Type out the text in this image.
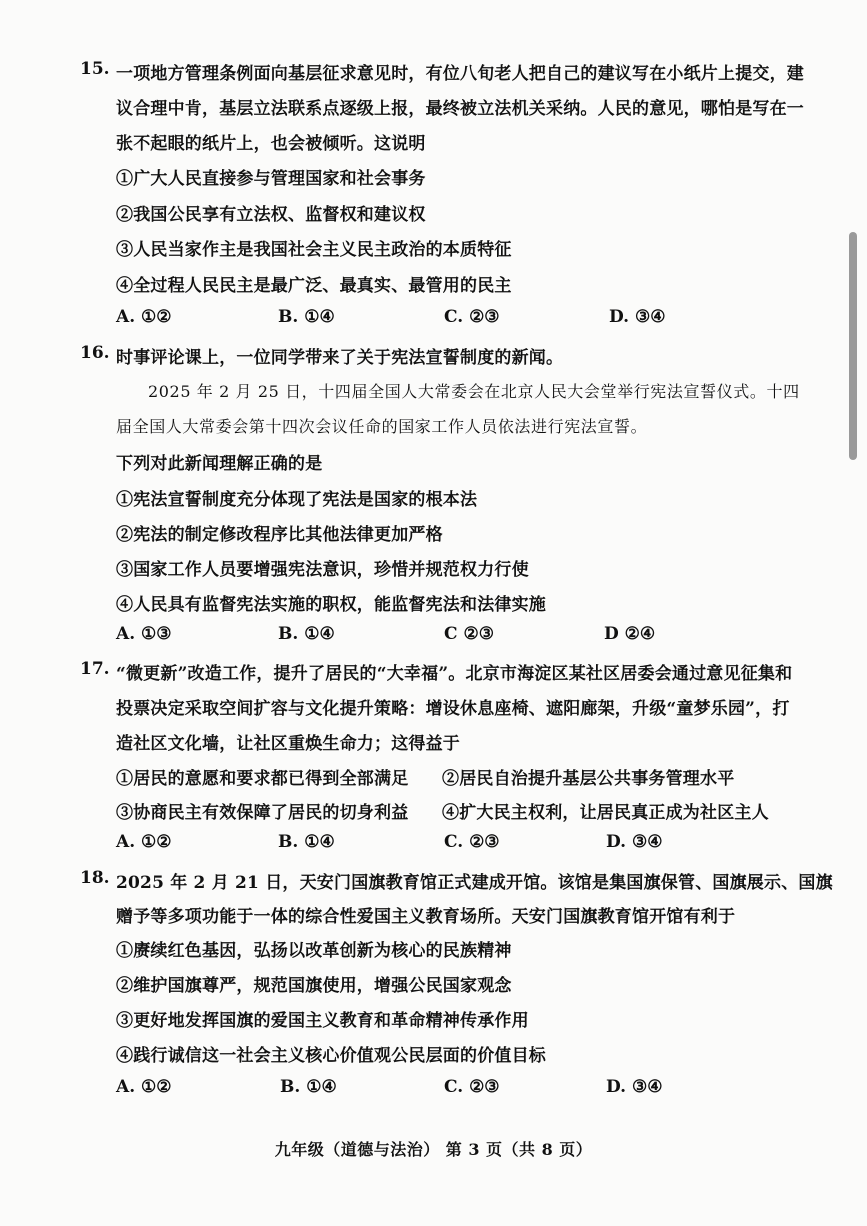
15. 一项地方管理条例面向基层征求意见时，有位八旬老人把自己的建议写在小纸片上提交，建
议合理中肯，基层立法联系点逐级上报，最终被立法机关采纳。人民的意见，哪怕是写在一
张不起眼的纸片上，也会被倾听。这说明
①广大人民直接参与管理国家和社会事务
②我国公民享有立法权、监督权和建议权
③人民当家作主是我国社会主义民主政治的本质特征
④全过程人民民主是最广泛、最真实、最管用的民主
A. ①②	B. ①④	C. ②③	D. ③④
16. 时事评论课上，一位同学带来了关于宪法宣誓制度的新闻。
2025 年 2 月 25 日，十四届全国人大常委会在北京人民大会堂举行宪法宣誓仪式。十四
届全国人大常委会第十四次会议任命的国家工作人员依法进行宪法宣誓。
下列对此新闻理解正确的是
①宪法宣誓制度充分体现了宪法是国家的根本法
②宪法的制定修改程序比其他法律更加严格
③国家工作人员要增强宪法意识，珍惜并规范权力行使
④人民具有监督宪法实施的职权，能监督宪法和法律实施
A. ①③	B. ①④	C ②③	D ②④
17. “微更新”改造工作，提升了居民的“大幸福”。北京市海淀区某社区居委会通过意见征集和
投票决定采取空间扩容与文化提升策略：增设休息座椅、遮阳廊架，升级“童梦乐园”，打
造社区文化墙，让社区重焕生命力；这得益于
①居民的意愿和要求都已得到全部满足 ②居民自治提升基层公共事务管理水平
③协商民主有效保障了居民的切身利益 ④扩大民主权利，让居民真正成为社区主人
A. ①②	B. ①④	C. ②③	D. ③④
18. 2025 年 2 月 21 日，天安门国旗教育馆正式建成开馆。该馆是集国旗保管、国旗展示、国旗
赠予等多项功能于一体的综合性爱国主义教育场所。天安门国旗教育馆开馆有利于
①赓续红色基因，弘扬以改革创新为核心的民族精神
②维护国旗尊严，规范国旗使用，增强公民国家观念
③更好地发挥国旗的爱国主义教育和革命精神传承作用
④践行诚信这一社会主义核心价值观公民层面的价值目标
A. ①②	B. ①④	C. ②③	D. ③④
九年级（道德与法治） 第 3 页（共 8 页）
